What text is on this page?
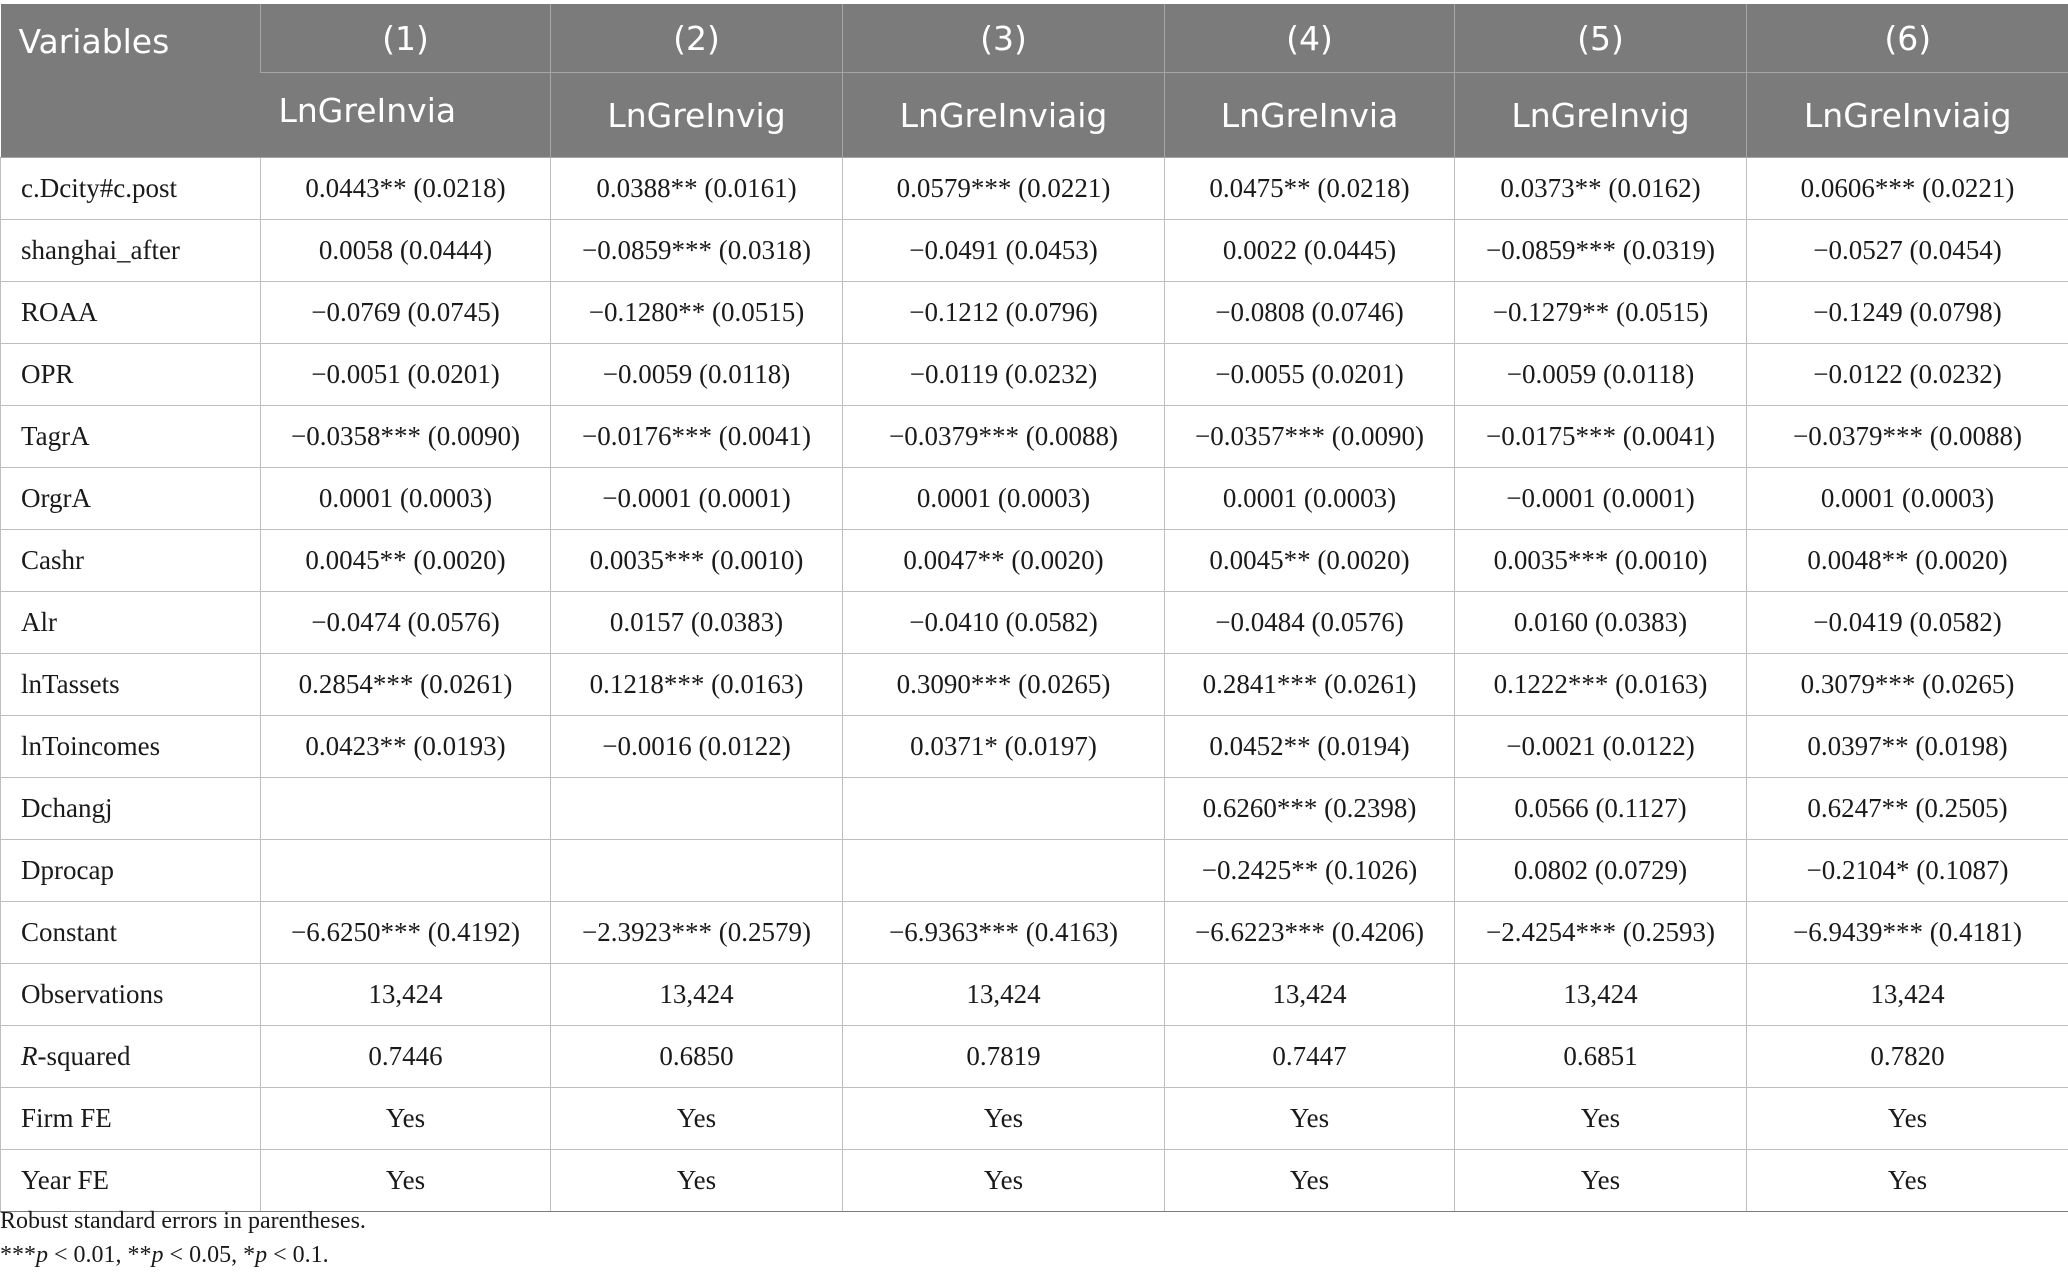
Variables	(1)	(2)	(3)	(4)	(5)	(6)
	LnGreInvia	LnGreInvig	LnGreInviaig	LnGreInvia	LnGreInvig	LnGreInviaig
c.Dcity#c.post	0.0443** (0.0218)	0.0388** (0.0161)	0.0579*** (0.0221)	0.0475** (0.0218)	0.0373** (0.0162)	0.0606*** (0.0221)
shanghai_after	0.0058 (0.0444)	−0.0859*** (0.0318)	−0.0491 (0.0453)	0.0022 (0.0445)	−0.0859*** (0.0319)	−0.0527 (0.0454)
ROAA	−0.0769 (0.0745)	−0.1280** (0.0515)	−0.1212 (0.0796)	−0.0808 (0.0746)	−0.1279** (0.0515)	−0.1249 (0.0798)
OPR	−0.0051 (0.0201)	−0.0059 (0.0118)	−0.0119 (0.0232)	−0.0055 (0.0201)	−0.0059 (0.0118)	−0.0122 (0.0232)
TagrA	−0.0358*** (0.0090)	−0.0176*** (0.0041)	−0.0379*** (0.0088)	−0.0357*** (0.0090)	−0.0175*** (0.0041)	−0.0379*** (0.0088)
OrgrA	0.0001 (0.0003)	−0.0001 (0.0001)	0.0001 (0.0003)	0.0001 (0.0003)	−0.0001 (0.0001)	0.0001 (0.0003)
Cashr	0.0045** (0.0020)	0.0035*** (0.0010)	0.0047** (0.0020)	0.0045** (0.0020)	0.0035*** (0.0010)	0.0048** (0.0020)
Alr	−0.0474 (0.0576)	0.0157 (0.0383)	−0.0410 (0.0582)	−0.0484 (0.0576)	0.0160 (0.0383)	−0.0419 (0.0582)
lnTassets	0.2854*** (0.0261)	0.1218*** (0.0163)	0.3090*** (0.0265)	0.2841*** (0.0261)	0.1222*** (0.0163)	0.3079*** (0.0265)
lnToincomes	0.0423** (0.0193)	−0.0016 (0.0122)	0.0371* (0.0197)	0.0452** (0.0194)	−0.0021 (0.0122)	0.0397** (0.0198)
Dchangj				0.6260*** (0.2398)	0.0566 (0.1127)	0.6247** (0.2505)
Dprocap				−0.2425** (0.1026)	0.0802 (0.0729)	−0.2104* (0.1087)
Constant	−6.6250*** (0.4192)	−2.3923*** (0.2579)	−6.9363*** (0.4163)	−6.6223*** (0.4206)	−2.4254*** (0.2593)	−6.9439*** (0.4181)
Observations	13,424	13,424	13,424	13,424	13,424	13,424
R-squared	0.7446	0.6850	0.7819	0.7447	0.6851	0.7820
Firm FE	Yes	Yes	Yes	Yes	Yes	Yes
Year FE	Yes	Yes	Yes	Yes	Yes	Yes
Robust standard errors in parentheses.
***p < 0.01, **p < 0.05, *p < 0.1.
